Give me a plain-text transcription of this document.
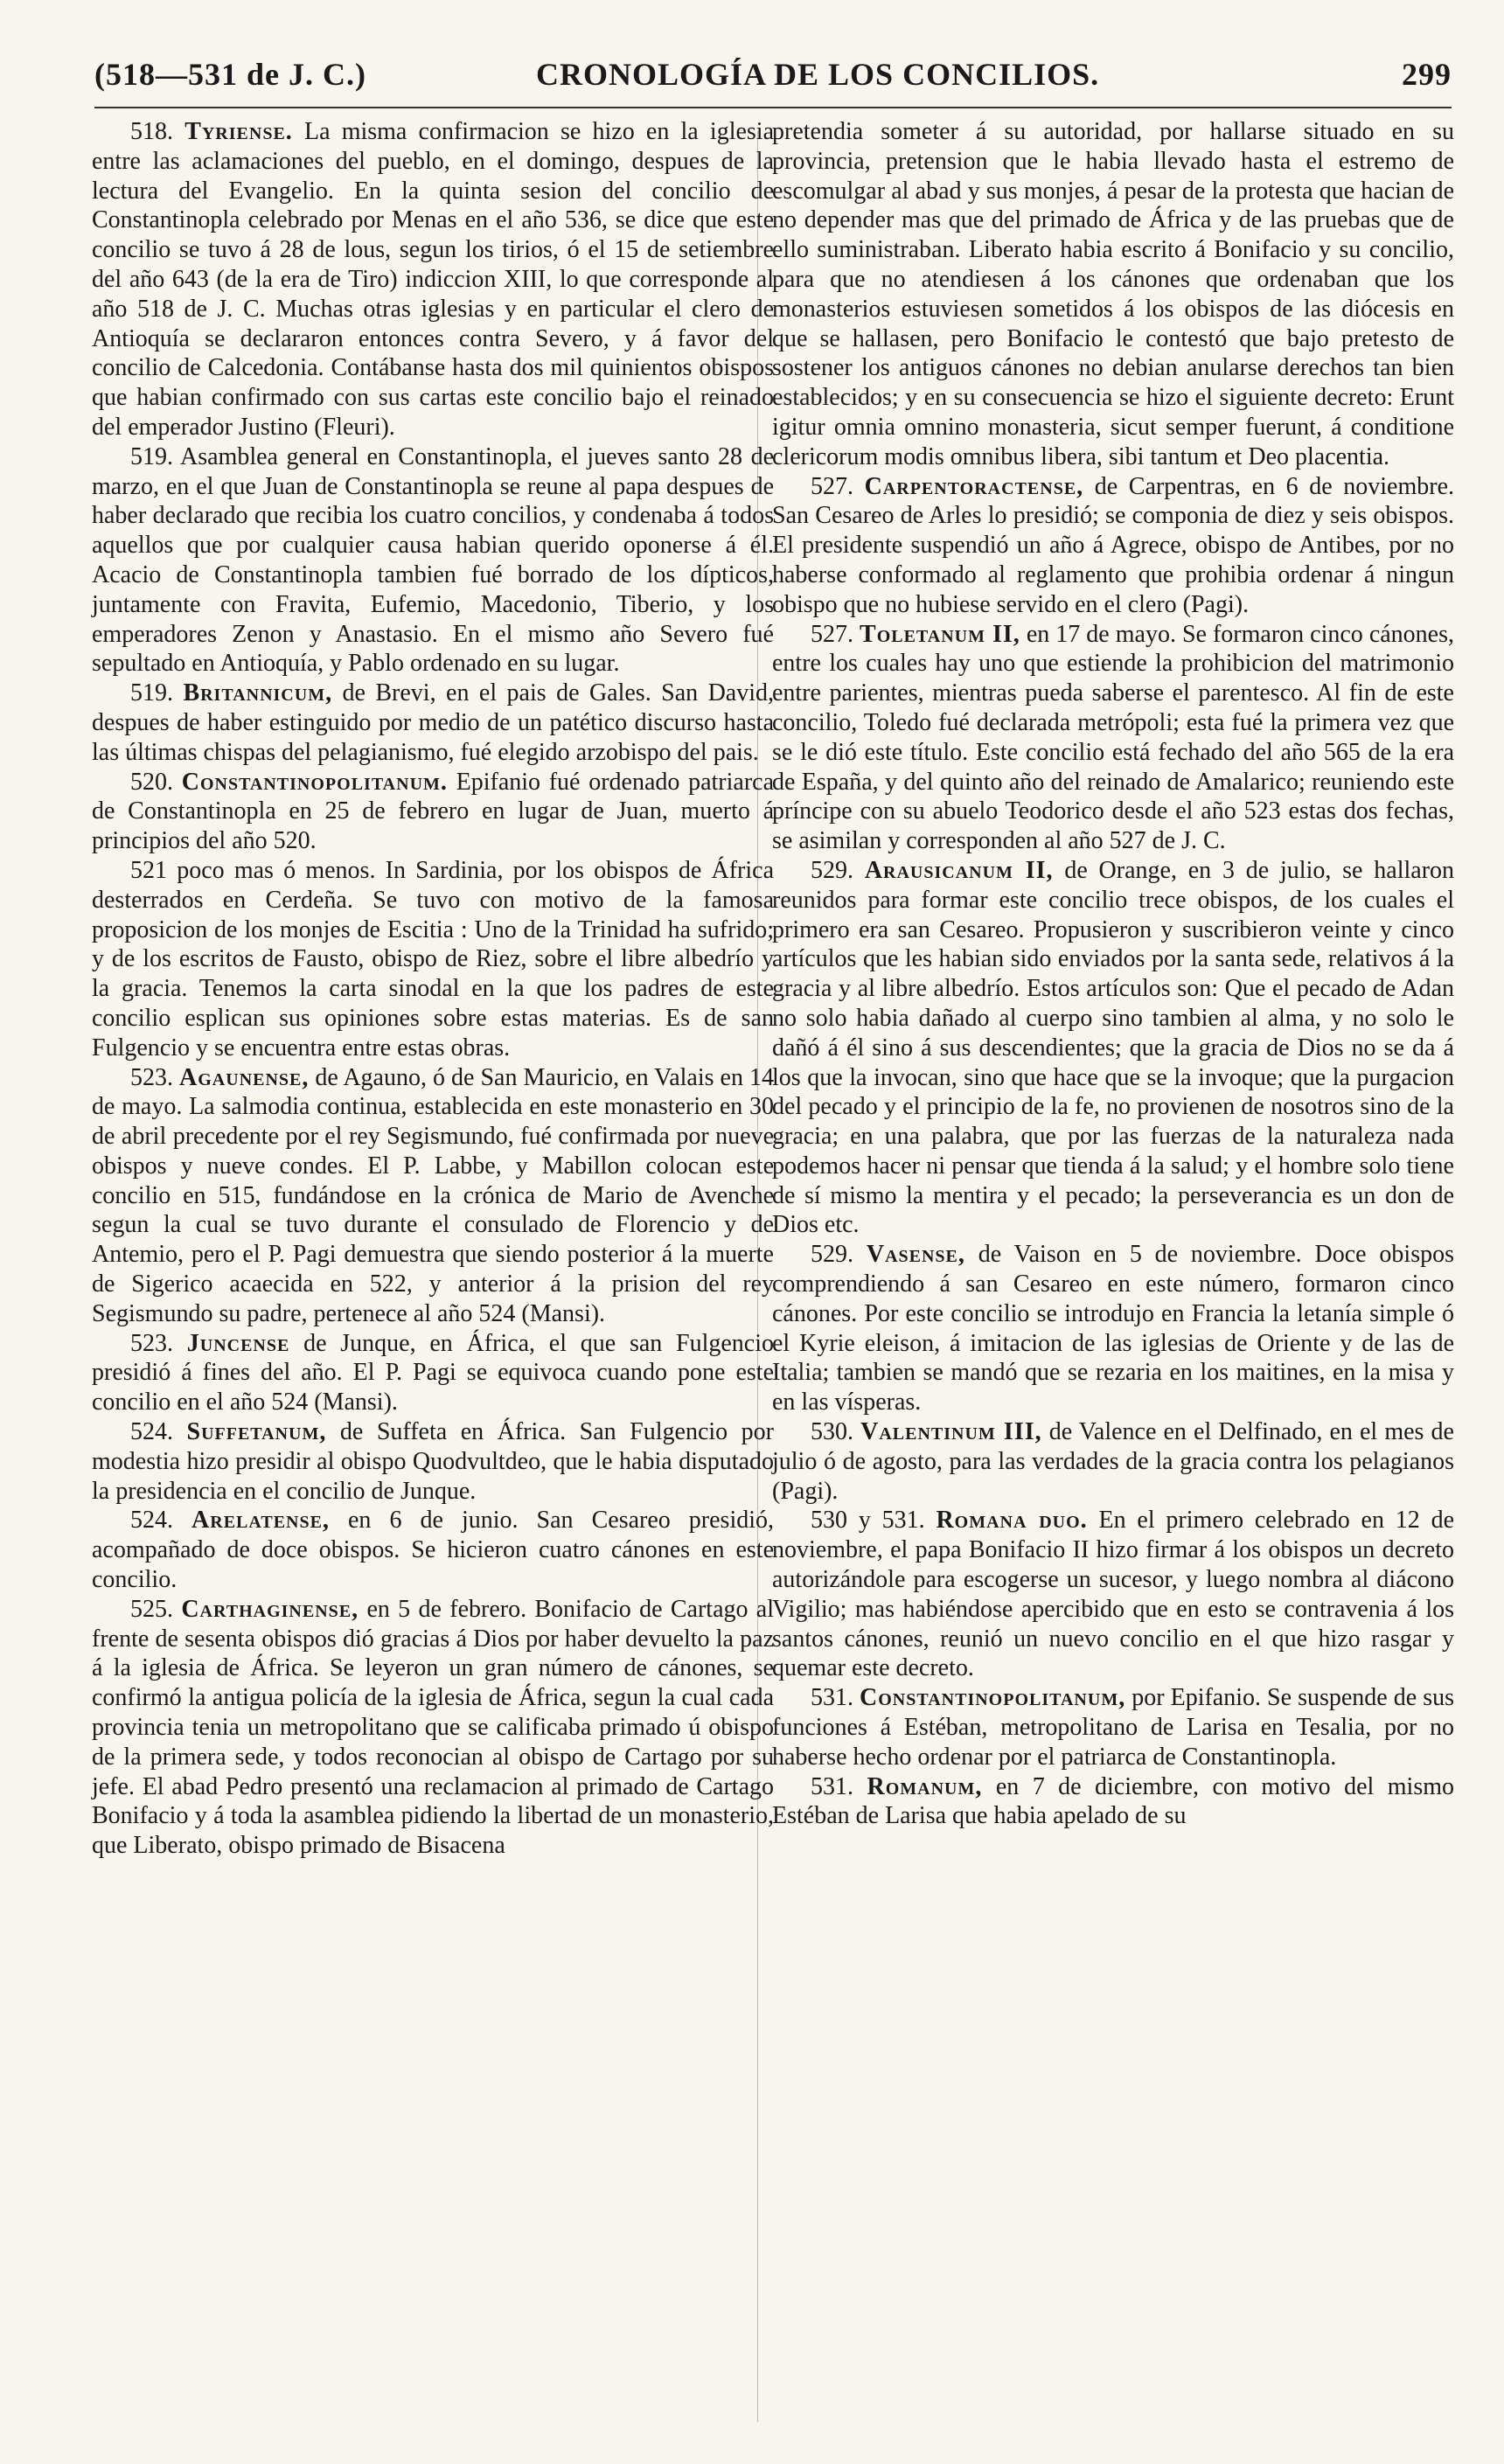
(518—531 de J. C.)	CRONOLOGÍA DE LOS CONCILIOS.	299

518. Tyriense. La misma confirmacion se hizo en la iglesia entre las aclamaciones del pueblo, en el domingo, despues de la lectura del Evangelio. En la quinta sesion del concilio de Constantinopla celebrado por Menas en el año 536, se dice que este concilio se tuvo á 28 de lous, segun los tirios, ó el 15 de setiembre del año 643 (de la era de Tiro) indiccion XIII, lo que corresponde al año 518 de J. C. Muchas otras iglesias y en particular el clero de Antioquía se declararon entonces contra Severo, y á favor del concilio de Calcedonia. Contábanse hasta dos mil quinientos obispos que habian confirmado con sus cartas este concilio bajo el reinado del emperador Justino (Fleuri).

519. Asamblea general en Constantinopla, el jueves santo 28 de marzo, en el que Juan de Constantinopla se reune al papa despues de haber declarado que recibia los cuatro concilios, y condenaba á todos aquellos que por cualquier causa habian querido oponerse á él. Acacio de Constantinopla tambien fué borrado de los dípticos, juntamente con Fravita, Eufemio, Macedonio, Tiberio, y los emperadores Zenon y Anastasio. En el mismo año Severo fué sepultado en Antioquía, y Pablo ordenado en su lugar.

519. Britannicum, de Brevi, en el pais de Gales. San David, despues de haber estinguido por medio de un patético discurso hasta las últimas chispas del pelagianismo, fué elegido arzobispo del pais.

520. Constantinopolitanum. Epifanio fué ordenado patriarca de Constantinopla en 25 de febrero en lugar de Juan, muerto á principios del año 520.

521 poco mas ó menos. In Sardinia, por los obispos de África desterrados en Cerdeña. Se tuvo con motivo de la famosa proposicion de los monjes de Escitia : Uno de la Trinidad ha sufrido; y de los escritos de Fausto, obispo de Riez, sobre el libre albedrío y la gracia. Tenemos la carta sinodal en la que los padres de este concilio esplican sus opiniones sobre estas materias. Es de san Fulgencio y se encuentra entre estas obras.

523. Agaunense, de Agauno, ó de San Mauricio, en Valais en 14 de mayo. La salmodia continua, establecida en este monasterio en 30 de abril precedente por el rey Segismundo, fué confirmada por nueve obispos y nueve condes. El P. Labbe, y Mabillon colocan este concilio en 515, fundándose en la crónica de Mario de Avenche segun la cual se tuvo durante el consulado de Florencio y de Antemio, pero el P. Pagi demuestra que siendo posterior á la muerte de Sigerico acaecida en 522, y anterior á la prision del rey Segismundo su padre, pertenece al año 524 (Mansi).

523. Juncense de Junque, en África, el que san Fulgencio presidió á fines del año. El P. Pagi se equivoca cuando pone este concilio en el año 524 (Mansi).

524. Suffetanum, de Suffeta en África. San Fulgencio por modestia hizo presidir al obispo Quodvultdeo, que le habia disputado la presidencia en el concilio de Junque.

524. Arelatense, en 6 de junio. San Cesareo presidió, acompañado de doce obispos. Se hicieron cuatro cánones en este concilio.

525. Carthaginense, en 5 de febrero. Bonifacio de Cartago al frente de sesenta obispos dió gracias á Dios por haber devuelto la paz á la iglesia de África. Se leyeron un gran número de cánones, se confirmó la antigua policía de la iglesia de África, segun la cual cada provincia tenia un metropolitano que se calificaba primado ú obispo de la primera sede, y todos reconocian al obispo de Cartago por su jefe. El abad Pedro presentó una reclamacion al primado de Cartago Bonifacio y á toda la asamblea pidiendo la libertad de un monasterio, que Liberato, obispo primado de Bisacena

pretendia someter á su autoridad, por hallarse situado en su provincia, pretension que le habia llevado hasta el estremo de escomulgar al abad y sus monjes, á pesar de la protesta que hacian de no depender mas que del primado de África y de las pruebas que de ello suministraban. Liberato habia escrito á Bonifacio y su concilio, para que no atendiesen á los cánones que ordenaban que los monasterios estuviesen sometidos á los obispos de las diócesis en que se hallasen, pero Bonifacio le contestó que bajo pretesto de sostener los antiguos cánones no debian anularse derechos tan bien establecidos; y en su consecuencia se hizo el siguiente decreto: Erunt igitur omnia omnino monasteria, sicut semper fuerunt, á conditione clericorum modis omnibus libera, sibi tantum et Deo placentia.

527. Carpentoractense, de Carpentras, en 6 de noviembre. San Cesareo de Arles lo presidió; se componia de diez y seis obispos. El presidente suspendió un año á Agrece, obispo de Antibes, por no haberse conformado al reglamento que prohibia ordenar á ningun obispo que no hubiese servido en el clero (Pagi).

527. Toletanum II, en 17 de mayo. Se formaron cinco cánones, entre los cuales hay uno que estiende la prohibicion del matrimonio entre parientes, mientras pueda saberse el parentesco. Al fin de este concilio, Toledo fué declarada metrópoli; esta fué la primera vez que se le dió este título. Este concilio está fechado del año 565 de la era de España, y del quinto año del reinado de Amalarico; reuniendo este príncipe con su abuelo Teodorico desde el año 523 estas dos fechas, se asimilan y corresponden al año 527 de J. C.

529. Arausicanum II, de Orange, en 3 de julio, se hallaron reunidos para formar este concilio trece obispos, de los cuales el primero era san Cesareo. Propusieron y suscribieron veinte y cinco artículos que les habian sido enviados por la santa sede, relativos á la gracia y al libre albedrío. Estos artículos son: Que el pecado de Adan no solo habia dañado al cuerpo sino tambien al alma, y no solo le dañó á él sino á sus descendientes; que la gracia de Dios no se da á los que la invocan, sino que hace que se la invoque; que la purgacion del pecado y el principio de la fe, no provienen de nosotros sino de la gracia; en una palabra, que por las fuerzas de la naturaleza nada podemos hacer ni pensar que tienda á la salud; y el hombre solo tiene de sí mismo la mentira y el pecado; la perseverancia es un don de Dios etc.

529. Vasense, de Vaison en 5 de noviembre. Doce obispos comprendiendo á san Cesareo en este número, formaron cinco cánones. Por este concilio se introdujo en Francia la letanía simple ó el Kyrie eleison, á imitacion de las iglesias de Oriente y de las de Italia; tambien se mandó que se rezaria en los maitines, en la misa y en las vísperas.

530. Valentinum III, de Valence en el Delfinado, en el mes de julio ó de agosto, para las verdades de la gracia contra los pelagianos (Pagi).

530 y 531. Romana duo. En el primero celebrado en 12 de noviembre, el papa Bonifacio II hizo firmar á los obispos un decreto autorizándole para escogerse un sucesor, y luego nombra al diácono Vigilio; mas habiéndose apercibido que en esto se contravenia á los santos cánones, reunió un nuevo concilio en el que hizo rasgar y quemar este decreto.

531. Constantinopolitanum, por Epifanio. Se suspende de sus funciones á Estéban, metropolitano de Larisa en Tesalia, por no haberse hecho ordenar por el patriarca de Constantinopla.

531. Romanum, en 7 de diciembre, con motivo del mismo Estéban de Larisa que habia apelado de su
